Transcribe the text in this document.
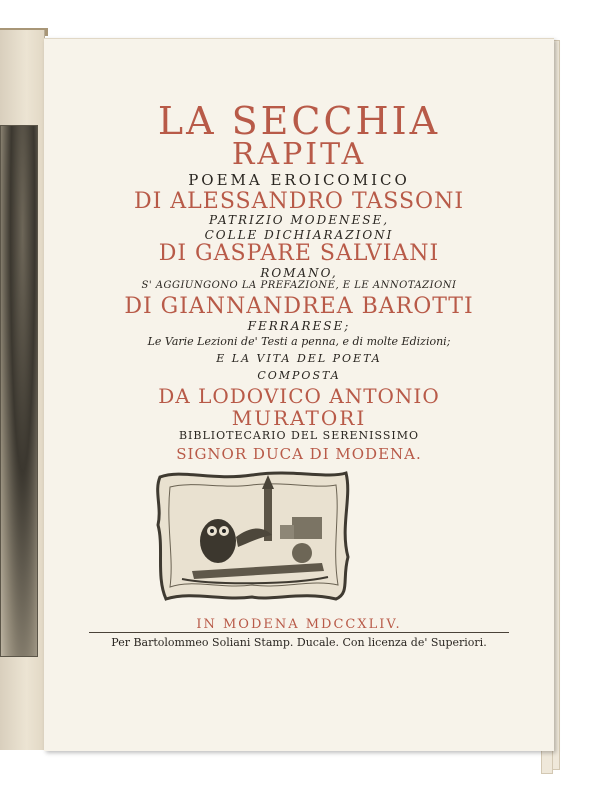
LA SECCHIA

RAPITA

POEMA EROICOMICO

DI ALESSANDRO TASSONI

PATRIZIO MODENESE,

COLLE DICHIARAZIONI

DI GASPARE SALVIANI

ROMANO,

S' AGGIUNGONO LA PREFAZIONE, E LE ANNOTAZIONI

DI GIANNANDREA BAROTTI

FERRARESE;

Le Varie Lezioni de' Testi a penna, e di molte Edizioni;

E LA VITA DEL POETA

COMPOSTA

DA LODOVICO ANTONIO

MURATORI

BIBLIOTECARIO DEL SERENISSIMO

SIGNOR DUCA DI MODENA.

IN MODENA MDCCXLIV.

Per Bartolommeo Soliani Stamp. Ducale. Con licenza de' Superiori.
